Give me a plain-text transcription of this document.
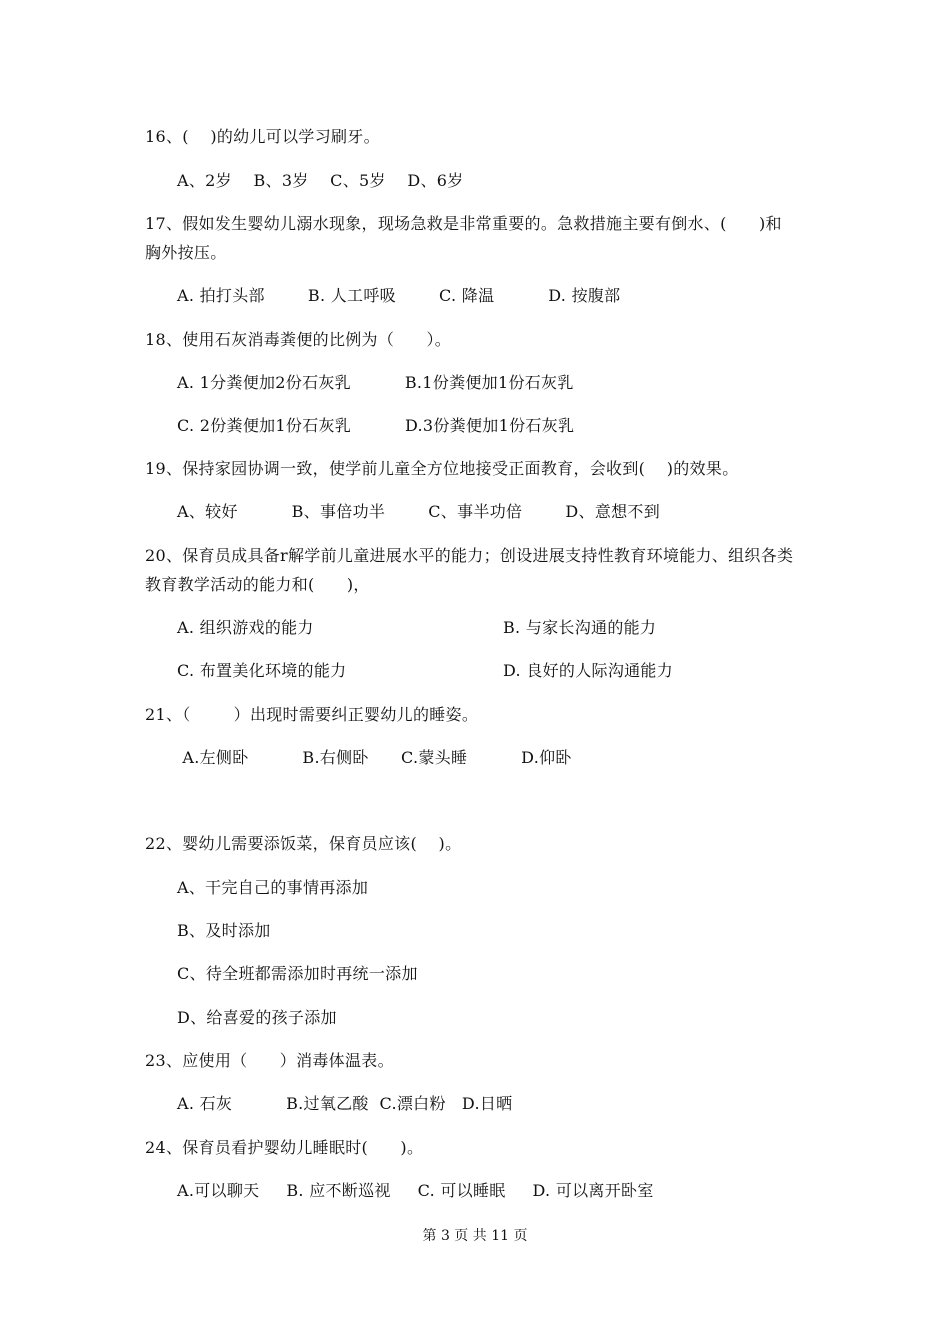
16、(    )的幼儿可以学习刷牙。
A、2岁    B、3岁    C、5岁    D、6岁
17、假如发生婴幼儿溺水现象，现场急救是非常重要的。急救措施主要有倒水、(      )和
胸外按压。
A. 拍打头部        B. 人工呼吸        C. 降温          D. 按腹部
18、使用石灰消毒粪便的比例为（      ）。
A. 1分粪便加2份石灰乳          B.1份粪便加1份石灰乳
C. 2份粪便加1份石灰乳          D.3份粪便加1份石灰乳
19、保持家园协调一致，使学前儿童全方位地接受正面教育，会收到(    )的效果。
A、较好          B、事倍功半        C、事半功倍        D、意想不到
20、保育员成具备r解学前儿童进展水平的能力；创设进展支持性教育环境能力、组织各类
教育教学活动的能力和(      )，
A. 组织游戏的能力	B. 与家长沟通的能力
C. 布置美化环境的能力	D. 良好的人际沟通能力
21、（        ）出现时需要纠正婴幼儿的睡姿。
A.左侧卧          B.右侧卧      C.蒙头睡          D.仰卧
22、婴幼儿需要添饭菜，保育员应该(    )。
A、干完自己的事情再添加
B、及时添加
C、待全班都需添加时再统一添加
D、给喜爱的孩子添加
23、应使用（      ）消毒体温表。
A. 石灰          B.过氧乙酸  C.漂白粉   D.日晒
24、保育员看护婴幼儿睡眠时(      )。
A.可以聊天     B. 应不断巡视     C. 可以睡眠     D. 可以离开卧室
第 3 页 共 11 页
